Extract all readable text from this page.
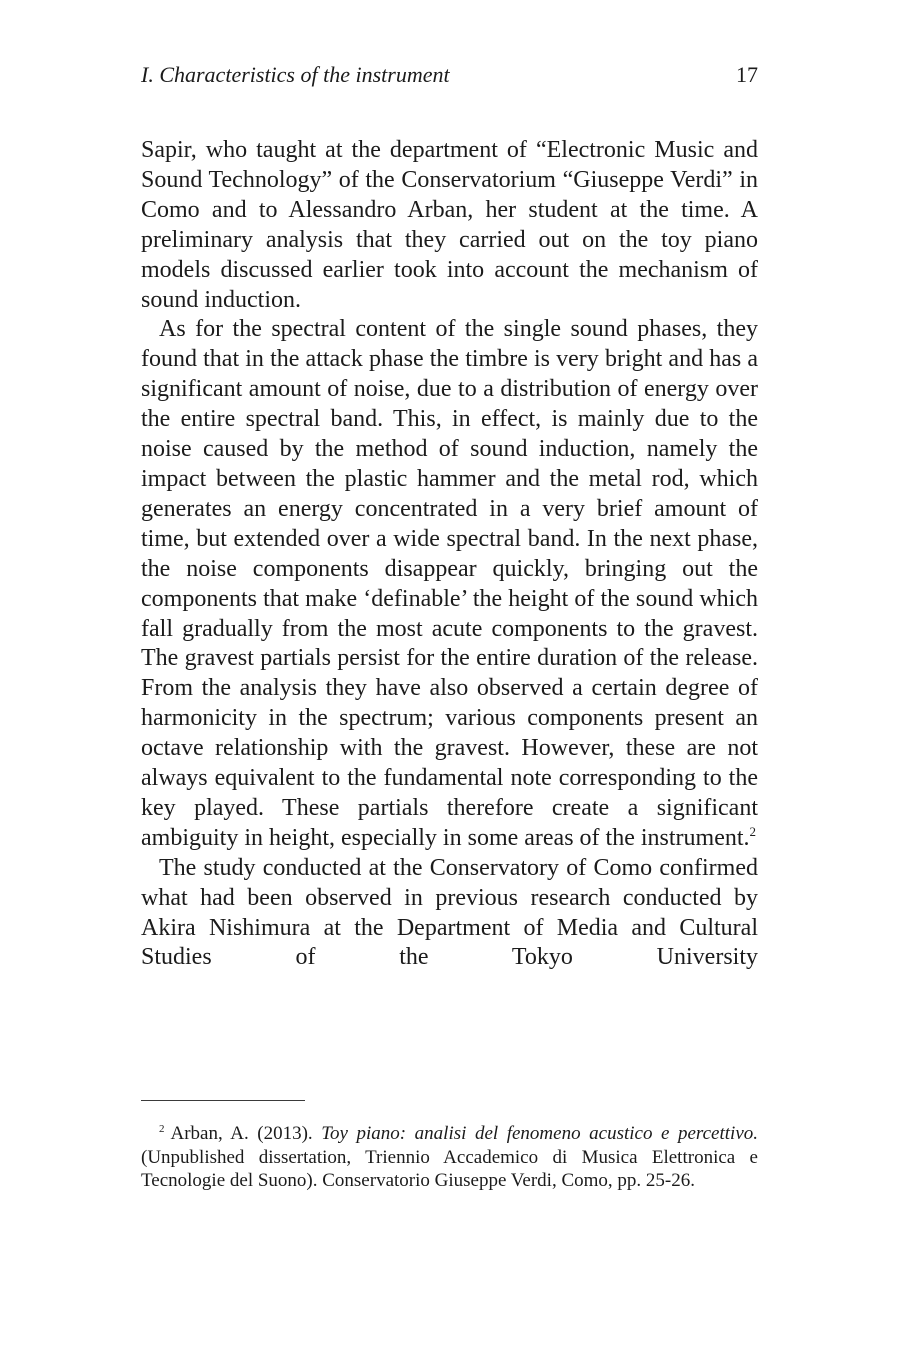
I. Characteristics of the instrument	17

Sapir, who taught at the department of “Electronic Music and Sound Technology” of the Conservatorium “Giuseppe Verdi” in Como and to Alessandro Arban, her student at the time. A preliminary analysis that they carried out on the toy piano models discussed earlier took into account the mechanism of sound induction.

As for the spectral content of the single sound phases, they found that in the attack phase the timbre is very bright and has a significant amount of noise, due to a distribution of energy over the entire spectral band. This, in effect, is mainly due to the noise caused by the method of sound induction, namely the impact between the plastic hammer and the metal rod, which generates an energy concentrated in a very brief amount of time, but extended over a wide spectral band. In the next phase, the noise components disappear quickly, bringing out the components that make ‘definable’ the height of the sound which fall gradually from the most acute components to the gravest. The gravest partials persist for the entire duration of the release. From the analysis they have also observed a certain degree of harmonicity in the spectrum; various components present an octave relationship with the gravest. However, these are not always equivalent to the fundamental note corresponding to the key played. These partials therefore create a significant ambiguity in height, especially in some areas of the instrument.$^2$

The study conducted at the Conservatory of Como confirmed what had been observed in previous research conducted by Akira Nishimura at the Department of Media and Cultural Studies of the Tokyo University

$^2$ Arban, A. (2013). Toy piano: analisi del fenomeno acustico e percettivo. (Unpublished dissertation, Triennio Accademico di Musica Elettronica e Tecnologie del Suono). Conservatorio Giuseppe Verdi, Como, pp. 25-26.
